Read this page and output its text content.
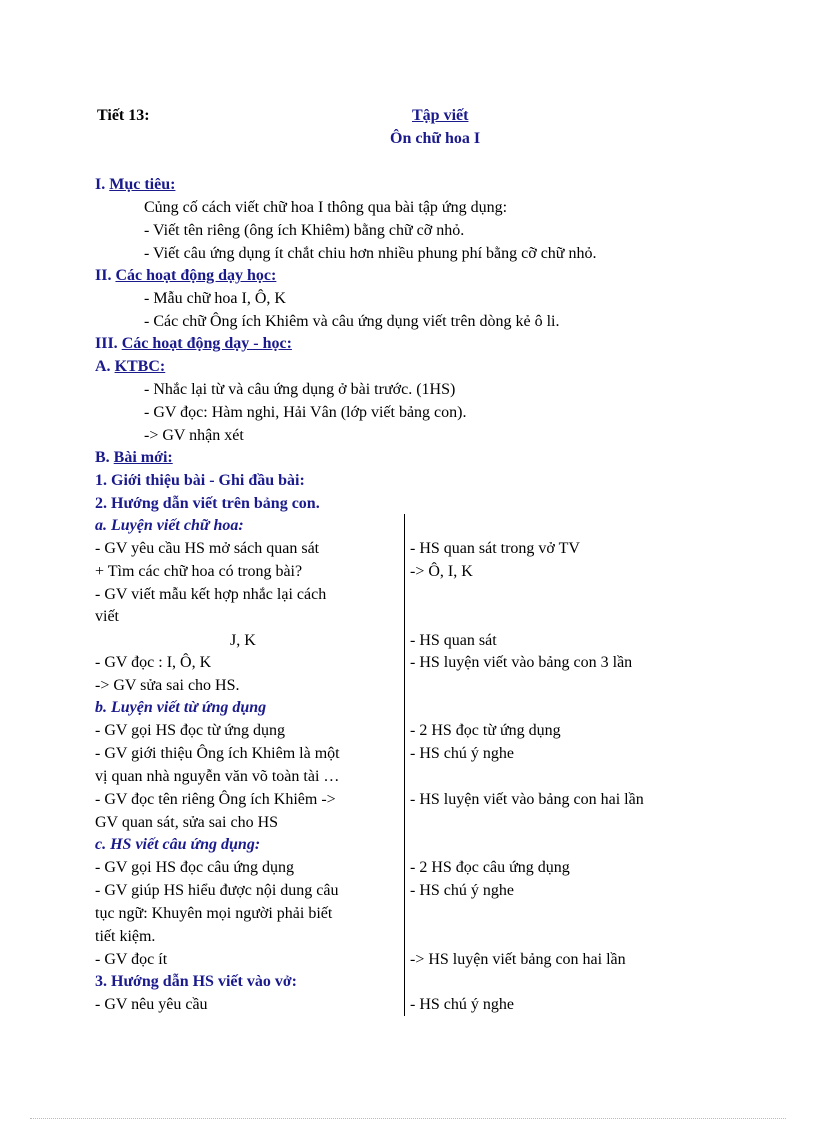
Tiết 13:	Tập viết
Ôn chữ hoa I
I. Mục tiêu:
Củng cố cách viết chữ hoa I thông qua bài tập ứng dụng:
- Viết tên riêng (ông ích Khiêm) bằng chữ cỡ nhỏ.
- Viết câu ứng dụng ít chắt chiu hơn nhiều phung phí bằng cỡ chữ nhỏ.
II. Các hoạt động dạy học:
- Mẫu chữ hoa I, Ô, K
- Các chữ Ông ích Khiêm và câu ứng dụng viết trên dòng kẻ ô li.
III. Các hoạt động dạy - học:
A. KTBC:
- Nhắc lại từ và câu ứng dụng ở bài trước. (1HS)
- GV đọc: Hàm nghi, Hải Vân (lớp viết bảng con).
-> GV nhận xét
B. Bài mới:
1. Giới thiệu bài - Ghi đầu bài:
2. Hướng dẫn viết trên bảng con.
a. Luyện viết chữ hoa:
- GV yêu cầu HS mở sách quan sát
+ Tìm các chữ hoa có trong bài?
- GV viết mẫu kết hợp nhắc lại cách
viết
J, K
- GV đọc : I, Ô, K
-> GV sửa sai cho HS.
- HS quan sát trong vở TV
-> Ô, I, K
- HS quan sát
- HS luyện viết vào bảng con 3 lần
b. Luyện viết từ ứng dụng
- GV gọi HS đọc từ ứng dụng
- GV giới thiệu Ông ích Khiêm là một
vị quan nhà nguyễn văn võ toàn tài …
- GV đọc tên riêng Ông ích Khiêm ->
GV quan sát, sửa sai cho HS
- 2 HS đọc từ ứng dụng
- HS chú ý nghe
- HS luyện viết vào bảng con hai lần
c. HS viết câu ứng dụng:
- GV gọi HS đọc câu ứng dụng
- GV giúp HS hiểu được nội dung câu
tục ngữ: Khuyên mọi người phải biết
tiết kiệm.
- GV đọc ít
- 2 HS đọc câu ứng dụng
- HS chú ý nghe
-> HS luyện viết bảng con hai lần
3. Hướng dẫn HS viết vào vở:
- GV nêu yêu cầu	- HS chú ý nghe
